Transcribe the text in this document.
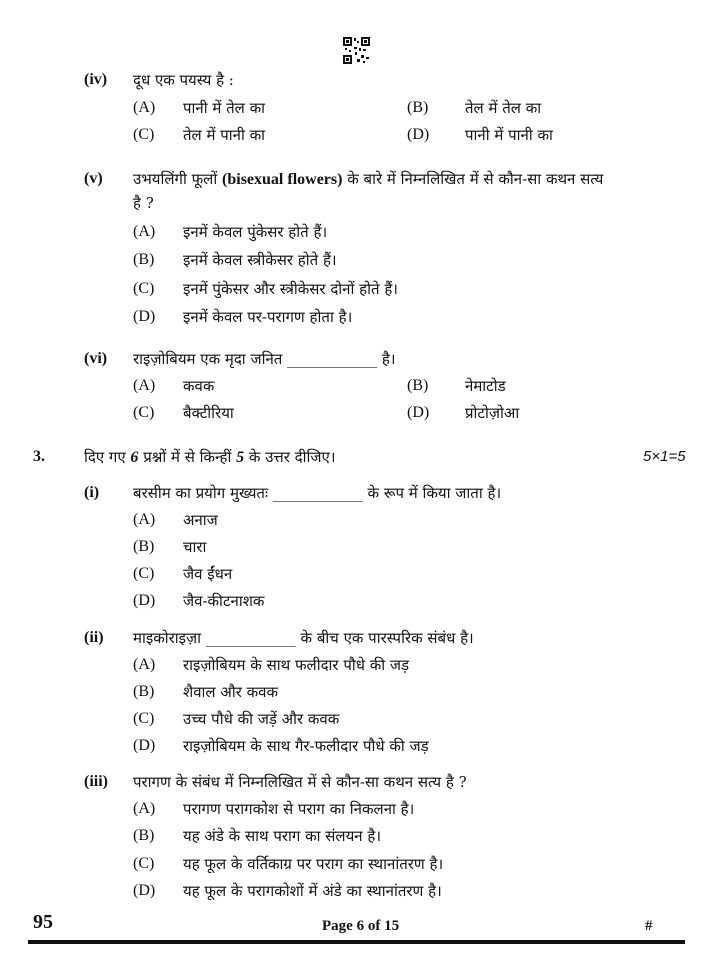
(iv) दूध एक पयस्य है :
(A) पानी में तेल का	(B) तेल में तेल का
(C) तेल में पानी का	(D) पानी में पानी का
(v) उभयलिंगी फूलों (bisexual flowers) के बारे में निम्नलिखित में से कौन-सा कथन सत्य
है ?
(A) इनमें केवल पुंकेसर होते हैं।
(B) इनमें केवल स्त्रीकेसर होते हैं।
(C) इनमें पुंकेसर और स्त्रीकेसर दोनों होते हैं।
(D) इनमें केवल पर-परागण होता है।
(vi) राइज़ोबियम एक मृदा जनित ____________ है।
(A) कवक	(B) नेमाटोड
(C) बैक्टीरिया	(D) प्रोटोज़ोआ
3.	दिए गए 6 प्रश्नों में से किन्हीं 5 के उत्तर दीजिए।	5×1=5
(i) बरसीम का प्रयोग मुख्यतः ____________ के रूप में किया जाता है।
(A) अनाज
(B) चारा
(C) जैव ईंधन
(D) जैव-कीटनाशक
(ii) माइकोराइज़ा ____________ के बीच एक पारस्परिक संबंध है।
(A) राइज़ोबियम के साथ फलीदार पौधे की जड़
(B) शैवाल और कवक
(C) उच्च पौधे की जड़ें और कवक
(D) राइज़ोबियम के साथ गैर-फलीदार पौधे की जड़
(iii) परागण के संबंध में निम्नलिखित में से कौन-सा कथन सत्य है ?
(A) परागण परागकोश से पराग का निकलना है।
(B) यह अंडे के साथ पराग का संलयन है।
(C) यह फूल के वर्तिकाग्र पर पराग का स्थानांतरण है।
(D) यह फूल के परागकोशों में अंडे का स्थानांतरण है।
95	Page 6 of 15	#
